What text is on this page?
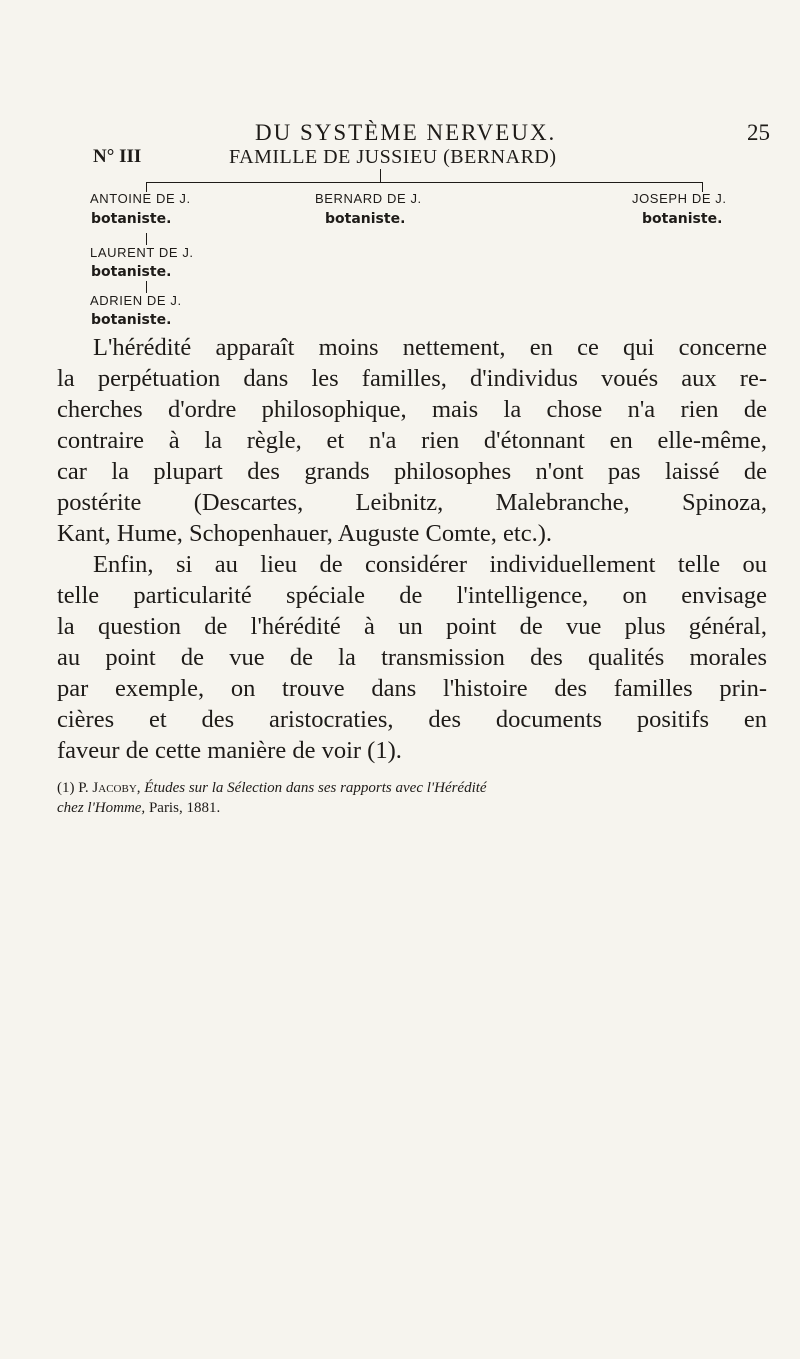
DU SYSTÈME NERVEUX.	25
N° III	FAMILLE DE JUSSIEU (BERNARD)
ANTOINE DE J.
botaniste.
BERNARD DE J.
botaniste.
JOSEPH DE J.
botaniste.
LAURENT DE J.
botaniste.
ADRIEN DE J.
botaniste.
L'hérédité apparaît moins nettement, en ce qui concerne
la perpétuation dans les familles, d'individus voués aux re-
cherches d'ordre philosophique, mais la chose n'a rien de
contraire à la règle, et n'a rien d'étonnant en elle-même,
car la plupart des grands philosophes n'ont pas laissé de
postérite (Descartes, Leibnitz, Malebranche, Spinoza,
Kant, Hume, Schopenhauer, Auguste Comte, etc.).
Enfin, si au lieu de considérer individuellement telle ou
telle particularité spéciale de l'intelligence, on envisage
la question de l'hérédité à un point de vue plus général,
au point de vue de la transmission des qualités morales
par exemple, on trouve dans l'histoire des familles prin-
cières et des aristocraties, des documents positifs en
faveur de cette manière de voir (1).
(1) P. Jacoby, Études sur la Sélection dans ses rapports avec l'Hérédité
chez l'Homme, Paris, 1881.
